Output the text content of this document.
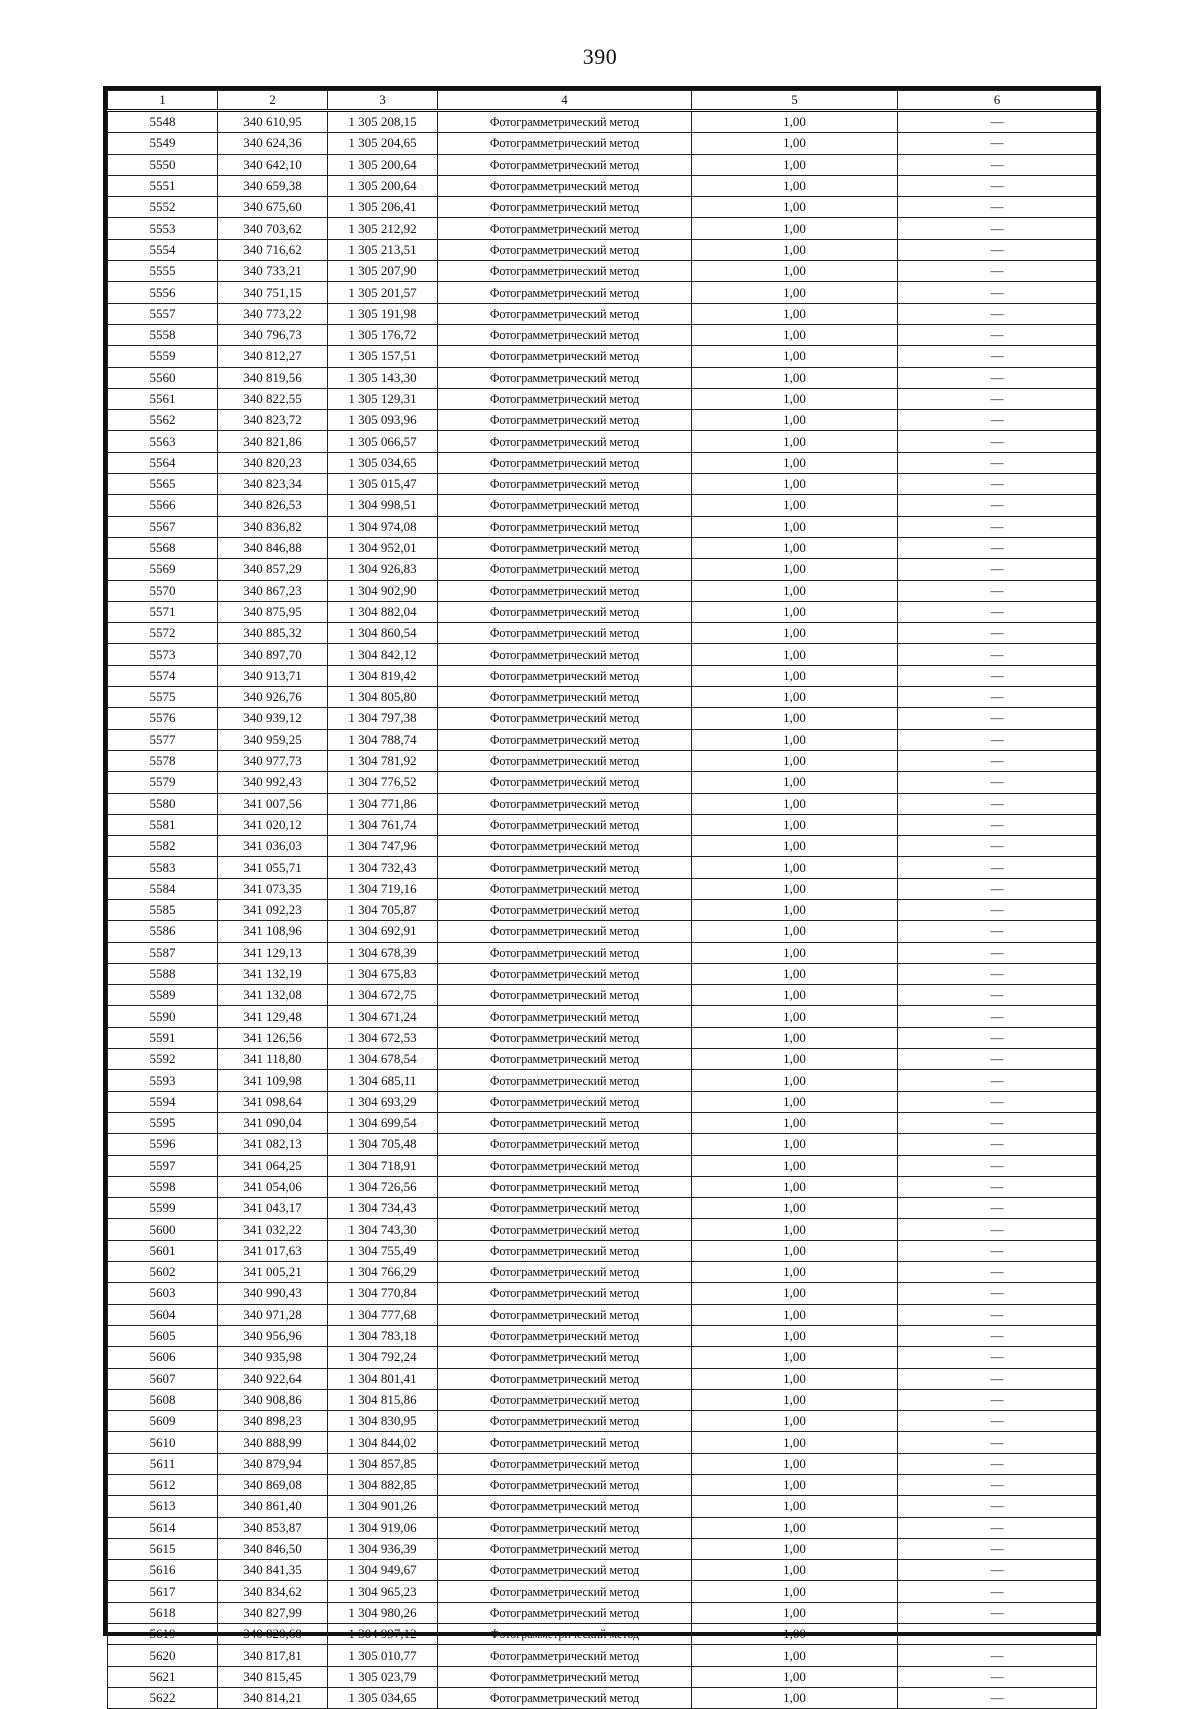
390
1	2	3	4	5	6
5548	340 610,95	1 305 208,15	Фотограмметрический метод	1,00	—
5549	340 624,36	1 305 204,65	Фотограмметрический метод	1,00	—
5550	340 642,10	1 305 200,64	Фотограмметрический метод	1,00	—
5551	340 659,38	1 305 200,64	Фотограмметрический метод	1,00	—
5552	340 675,60	1 305 206,41	Фотограмметрический метод	1,00	—
5553	340 703,62	1 305 212,92	Фотограмметрический метод	1,00	—
5554	340 716,62	1 305 213,51	Фотограмметрический метод	1,00	—
5555	340 733,21	1 305 207,90	Фотограмметрический метод	1,00	—
5556	340 751,15	1 305 201,57	Фотограмметрический метод	1,00	—
5557	340 773,22	1 305 191,98	Фотограмметрический метод	1,00	—
5558	340 796,73	1 305 176,72	Фотограмметрический метод	1,00	—
5559	340 812,27	1 305 157,51	Фотограмметрический метод	1,00	—
5560	340 819,56	1 305 143,30	Фотограмметрический метод	1,00	—
5561	340 822,55	1 305 129,31	Фотограмметрический метод	1,00	—
5562	340 823,72	1 305 093,96	Фотограмметрический метод	1,00	—
5563	340 821,86	1 305 066,57	Фотограмметрический метод	1,00	—
5564	340 820,23	1 305 034,65	Фотограмметрический метод	1,00	—
5565	340 823,34	1 305 015,47	Фотограмметрический метод	1,00	—
5566	340 826,53	1 304 998,51	Фотограмметрический метод	1,00	—
5567	340 836,82	1 304 974,08	Фотограмметрический метод	1,00	—
5568	340 846,88	1 304 952,01	Фотограмметрический метод	1,00	—
5569	340 857,29	1 304 926,83	Фотограмметрический метод	1,00	—
5570	340 867,23	1 304 902,90	Фотограмметрический метод	1,00	—
5571	340 875,95	1 304 882,04	Фотограмметрический метод	1,00	—
5572	340 885,32	1 304 860,54	Фотограмметрический метод	1,00	—
5573	340 897,70	1 304 842,12	Фотограмметрический метод	1,00	—
5574	340 913,71	1 304 819,42	Фотограмметрический метод	1,00	—
5575	340 926,76	1 304 805,80	Фотограмметрический метод	1,00	—
5576	340 939,12	1 304 797,38	Фотограмметрический метод	1,00	—
5577	340 959,25	1 304 788,74	Фотограмметрический метод	1,00	—
5578	340 977,73	1 304 781,92	Фотограмметрический метод	1,00	—
5579	340 992,43	1 304 776,52	Фотограмметрический метод	1,00	—
5580	341 007,56	1 304 771,86	Фотограмметрический метод	1,00	—
5581	341 020,12	1 304 761,74	Фотограмметрический метод	1,00	—
5582	341 036,03	1 304 747,96	Фотограмметрический метод	1,00	—
5583	341 055,71	1 304 732,43	Фотограмметрический метод	1,00	—
5584	341 073,35	1 304 719,16	Фотограмметрический метод	1,00	—
5585	341 092,23	1 304 705,87	Фотограмметрический метод	1,00	—
5586	341 108,96	1 304 692,91	Фотограмметрический метод	1,00	—
5587	341 129,13	1 304 678,39	Фотограмметрический метод	1,00	—
5588	341 132,19	1 304 675,83	Фотограмметрический метод	1,00	—
5589	341 132,08	1 304 672,75	Фотограмметрический метод	1,00	—
5590	341 129,48	1 304 671,24	Фотограмметрический метод	1,00	—
5591	341 126,56	1 304 672,53	Фотограмметрический метод	1,00	—
5592	341 118,80	1 304 678,54	Фотограмметрический метод	1,00	—
5593	341 109,98	1 304 685,11	Фотограмметрический метод	1,00	—
5594	341 098,64	1 304 693,29	Фотограмметрический метод	1,00	—
5595	341 090,04	1 304 699,54	Фотограмметрический метод	1,00	—
5596	341 082,13	1 304 705,48	Фотограмметрический метод	1,00	—
5597	341 064,25	1 304 718,91	Фотограмметрический метод	1,00	—
5598	341 054,06	1 304 726,56	Фотограмметрический метод	1,00	—
5599	341 043,17	1 304 734,43	Фотограмметрический метод	1,00	—
5600	341 032,22	1 304 743,30	Фотограмметрический метод	1,00	—
5601	341 017,63	1 304 755,49	Фотограмметрический метод	1,00	—
5602	341 005,21	1 304 766,29	Фотограмметрический метод	1,00	—
5603	340 990,43	1 304 770,84	Фотограмметрический метод	1,00	—
5604	340 971,28	1 304 777,68	Фотограмметрический метод	1,00	—
5605	340 956,96	1 304 783,18	Фотограмметрический метод	1,00	—
5606	340 935,98	1 304 792,24	Фотограмметрический метод	1,00	—
5607	340 922,64	1 304 801,41	Фотограмметрический метод	1,00	—
5608	340 908,86	1 304 815,86	Фотограмметрический метод	1,00	—
5609	340 898,23	1 304 830,95	Фотограмметрический метод	1,00	—
5610	340 888,99	1 304 844,02	Фотограмметрический метод	1,00	—
5611	340 879,94	1 304 857,85	Фотограмметрический метод	1,00	—
5612	340 869,08	1 304 882,85	Фотограмметрический метод	1,00	—
5613	340 861,40	1 304 901,26	Фотограмметрический метод	1,00	—
5614	340 853,87	1 304 919,06	Фотограмметрический метод	1,00	—
5615	340 846,50	1 304 936,39	Фотограмметрический метод	1,00	—
5616	340 841,35	1 304 949,67	Фотограмметрический метод	1,00	—
5617	340 834,62	1 304 965,23	Фотограмметрический метод	1,00	—
5618	340 827,99	1 304 980,26	Фотограмметрический метод	1,00	—
5619	340 820,68	1 304 997,12	Фотограмметрический метод	1,00	—
5620	340 817,81	1 305 010,77	Фотограмметрический метод	1,00	—
5621	340 815,45	1 305 023,79	Фотограмметрический метод	1,00	—
5622	340 814,21	1 305 034,65	Фотограмметрический метод	1,00	—
